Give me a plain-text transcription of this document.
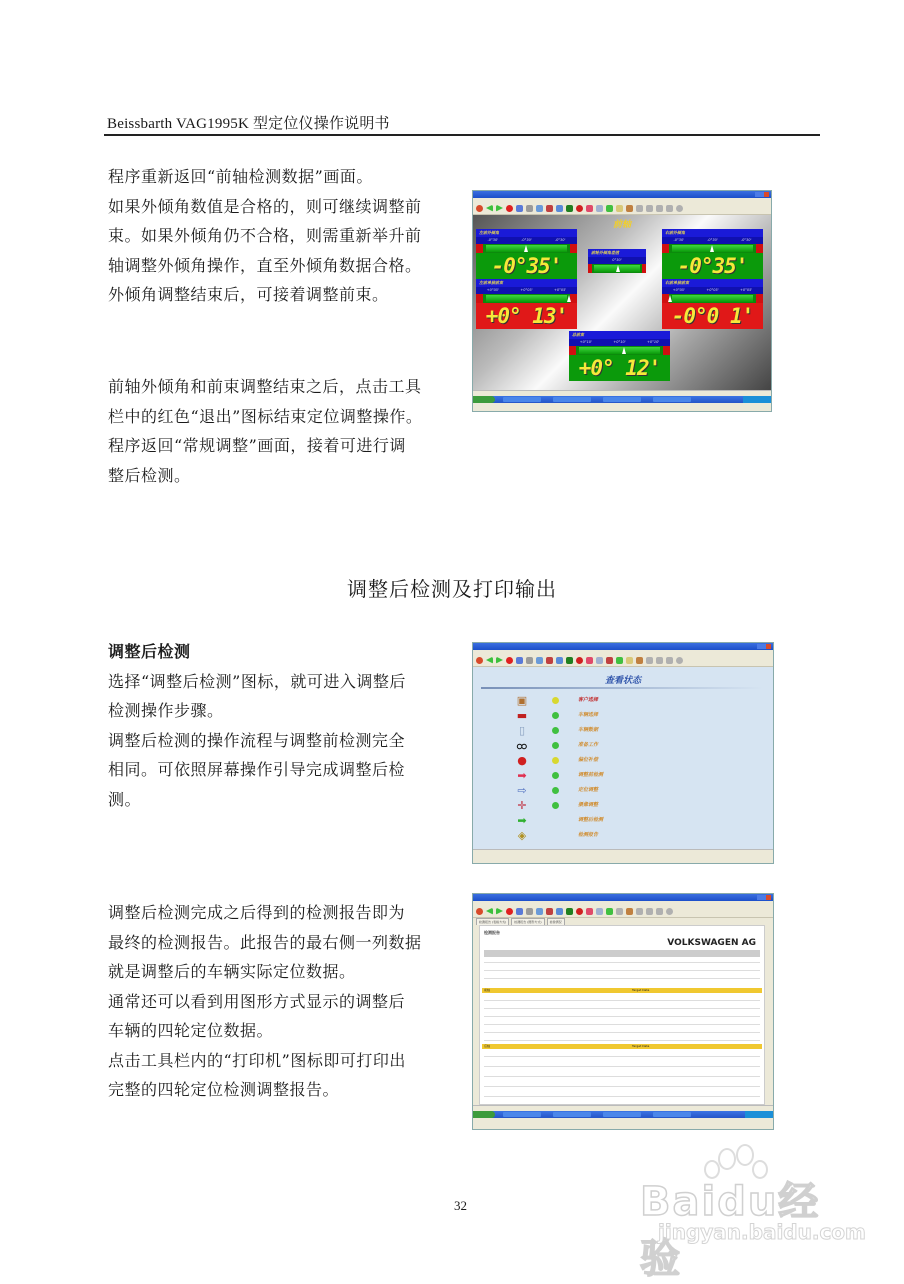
Beissbarth VAG1995K 型定位仪操作说明书

程序重新返回“前轴检测数据”画面。

如果外倾角数值是合格的，则可继续调整前

束。如果外倾角仍不合格，则需重新举升前

轴调整外倾角操作，直至外倾角数据合格。

外倾角调整结束后，可接着调整前束。

前轴外倾角和前束调整结束之后，点击工具

栏中的红色“退出”图标结束定位调整操作。

程序返回“常规调整”画面，接着可进行调

整后检测。

前轴
左前外倾角
-0°30'	-0°30'	-0°30'
-0°35'
前轮外倾角差值
0°30'
右前外倾角
-0°30'	-0°30'	-0°30'
-0°35'
左前单独前束
+0°05'	+0°05'	+0°05'
+0° 13'
右前单独前束
+0°05'	+0°05'	+0°05'
-0°0 1'
总前束
+0°10'	+0°10'	+0°10'
+0° 12'
调整后检测及打印输出

调整后检测

选择“调整后检测”图标，就可进入调整后

检测操作步骤。

调整后检测的操作流程与调整前检测完全

相同。可依照屏幕操作引导完成调整后检

测。

查看状态
▣	客户选择
▬	车辆选择
▯	车辆数据
ထ	准备工作
●	偏位补偿
➡	调整前检测
⇨	定位调整
✛	摄像调整
➡	调整后检测
◈	检测报告

调整后检测完成之后得到的检测报告即为

最终的检测报告。此报告的最右侧一列数据

就是调整后的车辆实际定位数据。

通常还可以看到用图形方式显示的调整后

车辆的四轮定位数据。

点击工具栏内的“打印机”图标即可打印出

完整的四轮定位检测调整报告。

检测报告 (表格方式)	检测报告 (图形方式)	检验情况
检测报告
VOLKSWAGEN AG
前轴	Target Data
后轴	Target Data
32	Baidu经验
jingyan.baidu.com
